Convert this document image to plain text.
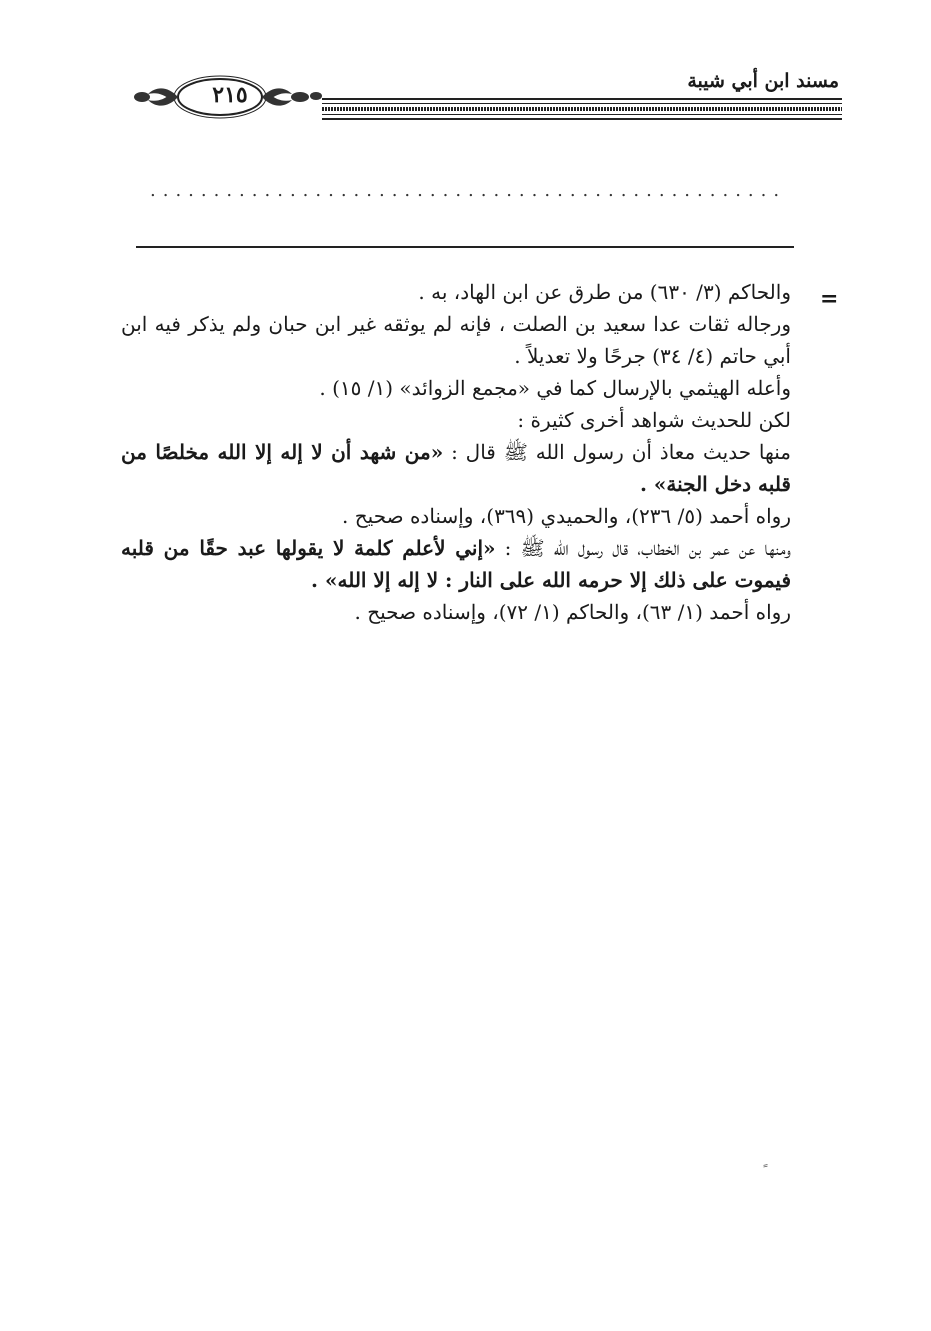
مسند ابن أبي شيبة
٢١٥
..................................................
=

والحاكم (٣/ ٦٣٠) من طرق عن ابن الهاد، به .

ورجاله ثقات عدا سعيد بن الصلت ، فإنه لم يوثقه غير ابن حبان ولم يذكر فيه ابن أبي حاتم (٤/ ٣٤) جرحًا ولا تعديلاً .

وأعله الهيثمي بالإرسال كما في «مجمع الزوائد» (١/ ١٥) .

لكن للحديث شواهد أخرى كثيرة :

منها حديث معاذ أن رسول الله ﷺ قال : «من شهد أن لا إله إلا الله مخلصًا من قلبه دخل الجنة» .

رواه أحمد (٥/ ٢٣٦)، والحميدي (٣٦٩)، وإسناده صحيح .

ومنها عن عمر بن الخطاب، قال رسول الله ﷺ : «إني لأعلم كلمة لا يقولها عبد حقًا من قلبه فيموت على ذلك إلا حرمه الله على النار : لا إله إلا الله» .

رواه أحمد (١/ ٦٣)، والحاكم (١/ ٧٢)، وإسناده صحيح .
